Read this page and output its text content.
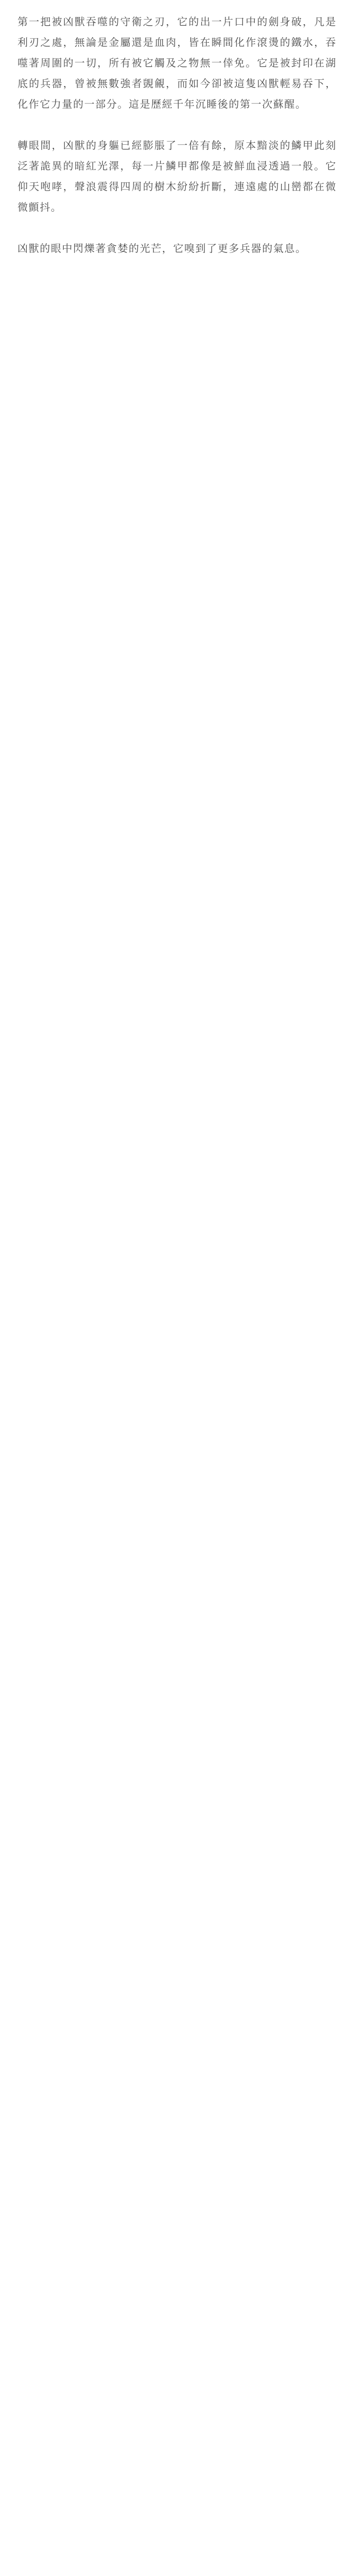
第一把被凶獸吞噬的守衛之刃，它的出一片口中的劍身破，凡是利刃之處，無論是金屬還是血肉，皆在瞬間化作滾燙的鐵水，吞噬著周圍的一切，所有被它觸及之物無一倖免。它是被封印在湖底的兵器，曾被無數強者覬覦，而如今卻被這隻凶獸輕易吞下，化作它力量的一部分。這是歷經千年沉睡後的第一次蘇醒。

轉眼間，凶獸的身軀已經膨脹了一倍有餘，原本黯淡的鱗甲此刻泛著詭異的暗紅光澤，每一片鱗甲都像是被鮮血浸透過一般。它仰天咆哮，聲浪震得四周的樹木紛紛折斷，連遠處的山巒都在微微顫抖。

凶獸的眼中閃爍著貪婪的光芒，它嗅到了更多兵器的氣息。
